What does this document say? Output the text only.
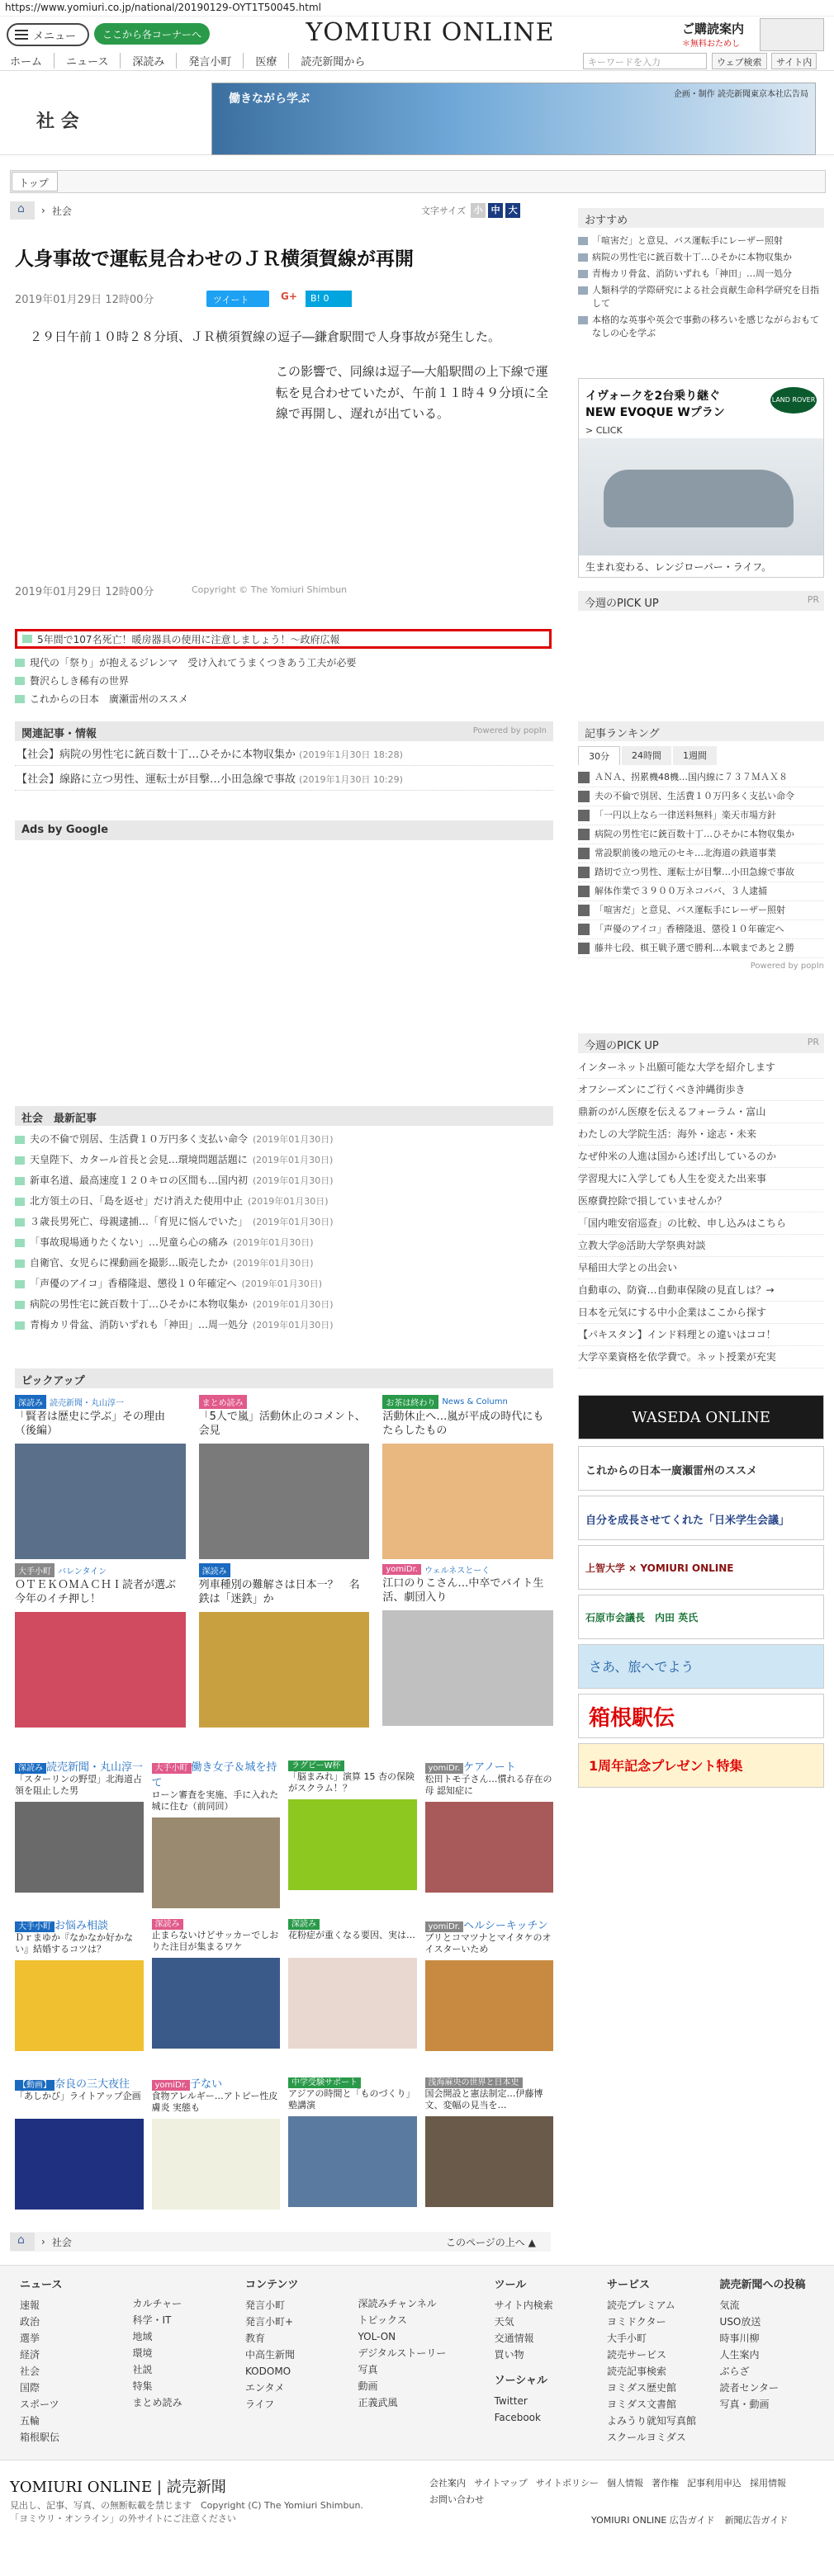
https://www.yomiuri.co.jp/national/20190129-OYT1T50045.html
メニュー	ここから各コーナーへ	YOMIURI ONLINE	ご購読案内
＊無料おためし
ホーム	ニュース	深読み	発言小町	医療	読売新聞から	キーワードを入力	ウェブ検索	サイト内
社 会
企画・制作 読売新聞東京本社広告局
働きながら学ぶ
トップ
⌂
› 社会	文字サイズ 小 中 大
人身事故で運転見合わせのＪＲ横須賀線が再開
2019年01月29日 12時00分	ツイート	G+	B! 0

２９日午前１０時２８分頃、ＪＲ横須賀線の逗子―鎌倉駅間で人身事故が発生した。

この影響で、同線は逗子―大船駅間の上下線で運転を見合わせていたが、午前１１時４９分頃に全線で再開し、遅れが出ている。

2019年01月29日 12時00分	Copyright © The Yomiuri Shimbun
5年間で107名死亡！暖房器具の使用に注意しましょう！～政府広報
現代の「祭り」が抱えるジレンマ　受け入れてうまくつきあう工夫が必要
贅沢らしき稀有の世界
これからの日本　廣瀬雷州のススメ
関連記事・情報	Powered by popIn
【社会】病院の男性宅に銃百数十丁…ひそかに本物収集か (2019年1月30日 18:28)
【社会】線路に立つ男性、運転士が目撃…小田急線で事故 (2019年1月30日 10:29)
Ads by Google
社会　最新記事
夫の不倫で別居、生活費１０万円多く支払い命令 (2019年01月30日)
天皇陛下、カタール首長と会見…環境問題話題に (2019年01月30日)
新車名道、最高速度１２０キロの区間も…国内初 (2019年01月30日)
北方領土の日、「島を返せ」だけ消えた使用中止 (2019年01月30日)
３歳長男死亡、母親逮捕…「育児に悩んでいた」 (2019年01月30日)
「事故現場通りたくない」…児童ら心の痛み (2019年01月30日)
自衛官、女児らに裸動画を撮影…販売したか (2019年01月30日)
「声優のアイコ」香稽隆退、懲役１０年確定へ (2019年01月30日)
病院の男性宅に銃百数十丁…ひそかに本物収集か (2019年01月30日)
青梅カリ骨盆、消防いずれも「神田」…周一処分 (2019年01月30日)
ピックアップ
深読み 読売新聞・丸山淳一
「賢者は歴史に学ぶ」その理由（後編）
まとめ読み
「5人で嵐」活動休止のコメント、会見
お茶は終わり News & Column
活動休止へ…嵐が平成の時代にもたらしたもの
大手小町 バレンタイン
ＯＴＥＫＯＭＡＣＨＩ読者が選ぶ今年のイチ押し！
深読み
列車種別の難解さは日本一？　名鉄は「迷鉄」か
yomiDr. ウェルネスとーく
江口のりこさん…中卒でバイト生活、劇団入り
深読み 読売新聞・丸山淳一
「スターリンの野望」北海道占領を阻止した男
大手小町 働き女子＆城を持て
ローン審査を実施、手に入れた城に住む（前同回）
ラグビーW杯
「脳まみれ」演算 15 杏の保険がスクラム！？
yomiDr. ケアノート
松田トモ子さん…慣れる存在の母 認知症に
大手小町 お悩み相談
Ｄｒまゆか『なかなか好かない』結婚するコツは？
深読み
止まらないけどサッカーでしおりた注目が集まるワケ
深読み
花粉症が重くなる要因、実は…
yomiDr. ヘルシーキッチン
ブリとコマツナとマイタケのオイスターいため
【動画】 奈良の三大夜往
「あしかび」ライトアップ企画
yomiDr. 子ない
食物アレルギー…アトピー性皮膚炎 実態も
中学受験サポート
アジアの時間と「ものづくり」塾講演
浅海麻央の世界と日本史
国会開設と憲法制定…伊藤博文、変幅の見当を…
⌂
› 社会	このページの上へ ▲
ニュース
速報
政治
選挙
経済
社会
国際
スポーツ
五輪
箱根駅伝
カルチャー
科学・IT
地域
環境
社説
特集
まとめ読み
コンテンツ
発言小町
発言小町+
教育
中高生新聞
KODOMO
エンタメ
ライフ
深読みチャンネル
トピックス
YOL-ON
デジタルストーリー
写真
動画
正義武風
ツール
サイト内検索
天気
交通情報
買い物
ソーシャル
Twitter
Facebook
サービス
読売プレミアム
ヨミドクター
大手小町
読売サービス
読売記事検索
ヨミダス歴史館
ヨミダス文書館
よみうり就知写真館
スクールヨミダス
読売新聞への投稿
気流
USO放送
時事川柳
人生案内
ぶらざ
読者センター
写真・動画
YOMIURI ONLINE | 読売新聞
見出し、記事、写真、の無断転載を禁じます　Copyright (C) The Yomiuri Shimbun.
「ヨミウリ・オンライン」の外サイトにご注意ください
会社案内 サイトマップ サイトポリシー 個人情報 著作権 記事利用申込 採用情報
お問い合わせ
YOMIURI ONLINE 広告ガイド 新聞広告ガイド
おすすめ
「喧害だ」と意見、バス運転手にレーザー照射
病院の男性宅に銃百数十丁…ひそかに本物収集か
青梅カリ骨盆、消防いずれも「神田」…周一処分
人類科学的学際研究による社会貢献生命科学研究を目指して
本格的な英事や英会で事動の移ろいを感じながらおもてなしの心を学ぶ
イヴォークを2台乗り継ぐ
NEW EVOQUE Wプラン
> CLICK
LAND ROVER
生まれ変わる、レンジローバー・ライフ。
今週のPICK UP	PR
記事ランキング
30分	24時間	1週間
ＡＮＡ、拐累機48機…国内線に７３７ＭＡＸ８
夫の不倫で別居、生活費１０万円多く支払い命令
「一円以上なら一律送料無料」楽天市場方針
病院の男性宅に銃百数十丁…ひそかに本物収集か
常設駅前後の地元のセキ…北海道の鉄道事業
踏切で立つ男性、運転士が目撃…小田急線で事故
解体作業で３９００万ネコババ、３人逮捕
「喧害だ」と意見、バス運転手にレーザー照射
「声優のアイコ」香稽隆退、懲役１０年確定へ
藤井七段、棋王戦予選で勝利…本戦まであと２勝
Powered by popIn
今週のPICK UP	PR
インターネット出願可能な大学を紹介します
オフシーズンにご行くべき沖縄街歩き
鼎新のがん医療を伝えるフォーラム・富山
わたしの大学院生活：海外・途志・未来
なぜ仲米の人進は国から述げ出しているのか
学習現大に入学しても人生を変えた出来事
医療費控除で損していませんか？
「国内唯安宿巡查」の比較、申し込みはこちら
立教大学◎活助大学祭典対談
早稲田大学との出会い
自動車の、防資…自動車保険の見直しは？→
日本を元気にする中小企業はここから探す
【パキスタン】インド料理との違いはココ！
大学卒業資格を依学費で。ネット授業が充実
WASEDA ONLINE
これからの日本一廣瀬雷州のススメ
自分を成長させてくれた「日米学生会議」
上智大学 × YOMIURI ONLINE
石原市会議長　内田 英氏
さあ、旅へでよう
箱根駅伝
1周年記念プレゼント特集
